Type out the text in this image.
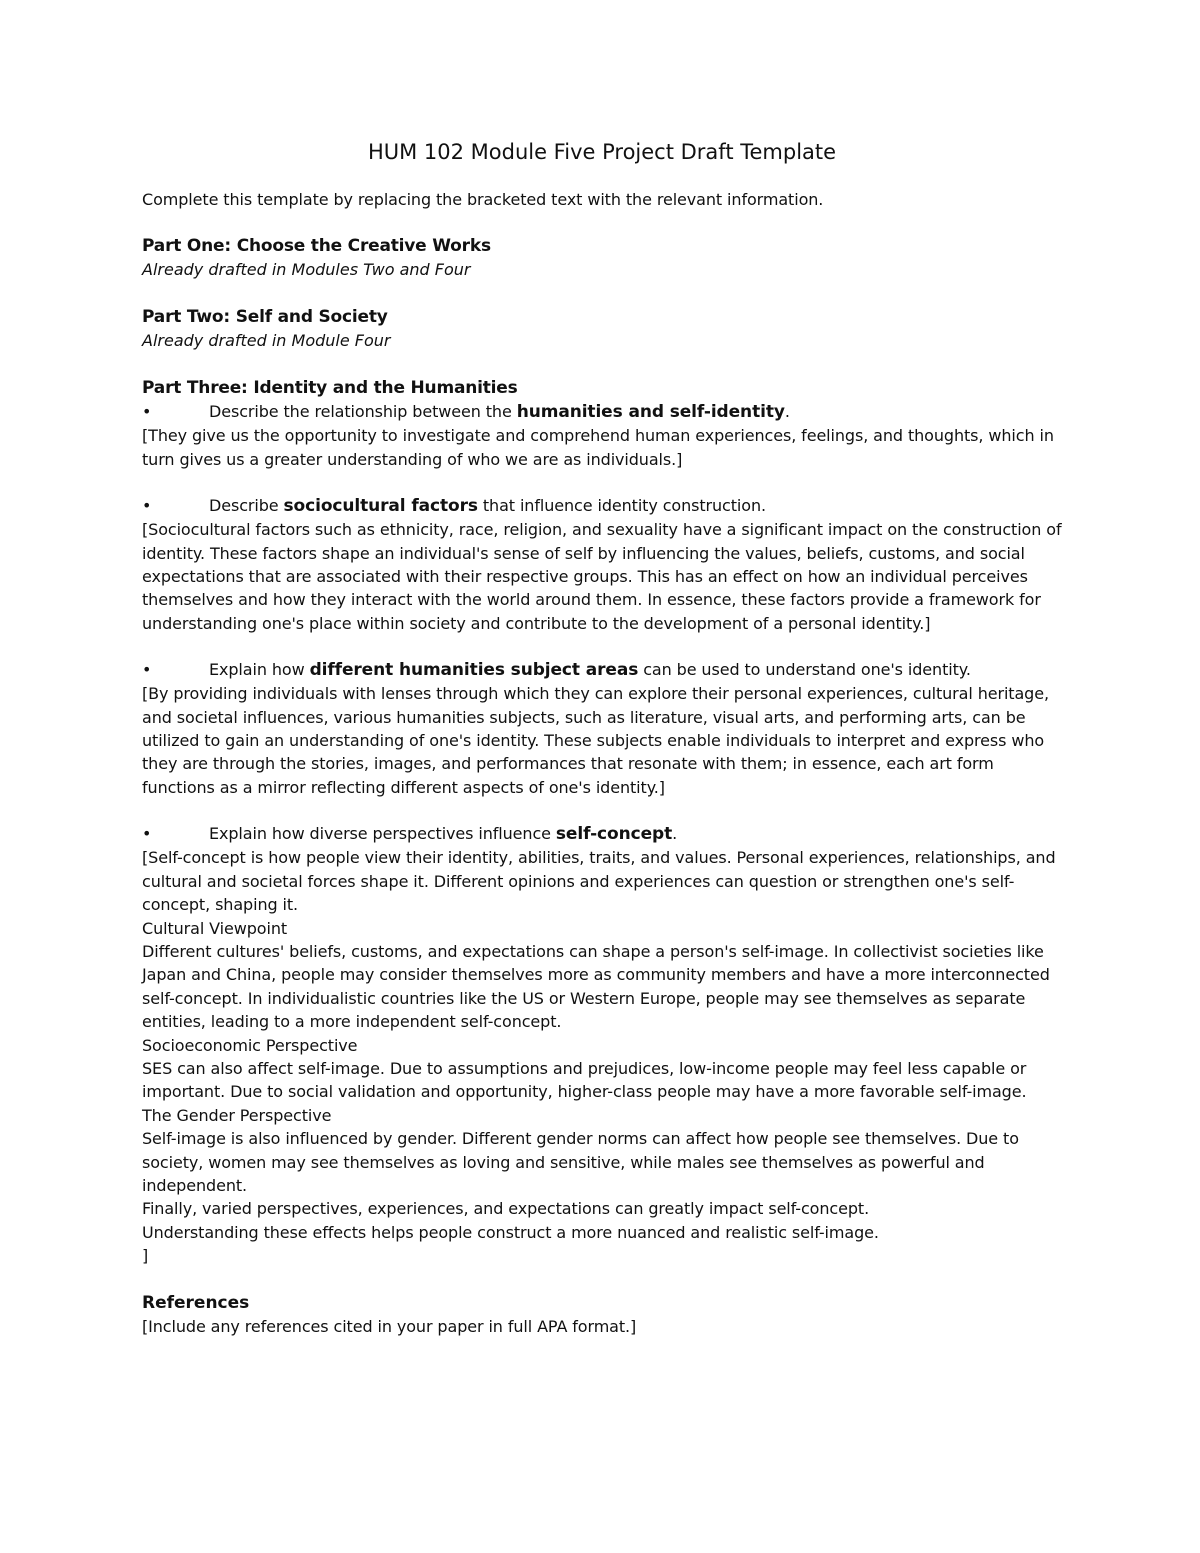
HUM 102 Module Five Project Draft Template

Complete this template by replacing the bracketed text with the relevant information.

Part One: Choose the Creative Works

Already drafted in Modules Two and Four

Part Two: Self and Society

Already drafted in Module Four

Part Three: Identity and the Humanities

•	Describe the relationship between the humanities and self-identity.

[They give us the opportunity to investigate and comprehend human experiences, feelings, and thoughts, which in turn gives us a greater understanding of who we are as individuals.]

•	Describe sociocultural factors that influence identity construction.

[Sociocultural factors such as ethnicity, race, religion, and sexuality have a significant impact on the construction of identity. These factors shape an individual's sense of self by influencing the values, beliefs, customs, and social expectations that are associated with their respective groups. This has an effect on how an individual perceives themselves and how they interact with the world around them. In essence, these factors provide a framework for understanding one's place within society and contribute to the development of a personal identity.]

•	Explain how different humanities subject areas can be used to understand one's identity.

[By providing individuals with lenses through which they can explore their personal experiences, cultural heritage, and societal influences, various humanities subjects, such as literature, visual arts, and performing arts, can be utilized to gain an understanding of one's identity. These subjects enable individuals to interpret and express who they are through the stories, images, and performances that resonate with them; in essence, each art form functions as a mirror reflecting different aspects of one's identity.]

•	Explain how diverse perspectives influence self-concept.

[Self-concept is how people view their identity, abilities, traits, and values. Personal experiences, relationships, and cultural and societal forces shape it. Different opinions and experiences can question or strengthen one's self-concept, shaping it.

Cultural Viewpoint

Different cultures' beliefs, customs, and expectations can shape a person's self-image. In collectivist societies like Japan and China, people may consider themselves more as community members and have a more interconnected self-concept. In individualistic countries like the US or Western Europe, people may see themselves as separate entities, leading to a more independent self-concept.

Socioeconomic Perspective

SES can also affect self-image. Due to assumptions and prejudices, low-income people may feel less capable or important. Due to social validation and opportunity, higher-class people may have a more favorable self-image.

The Gender Perspective

Self-image is also influenced by gender. Different gender norms can affect how people see themselves. Due to society, women may see themselves as loving and sensitive, while males see themselves as powerful and independent.

Finally, varied perspectives, experiences, and expectations can greatly impact self-concept.

Understanding these effects helps people construct a more nuanced and realistic self-image.

]

References

[Include any references cited in your paper in full APA format.]
